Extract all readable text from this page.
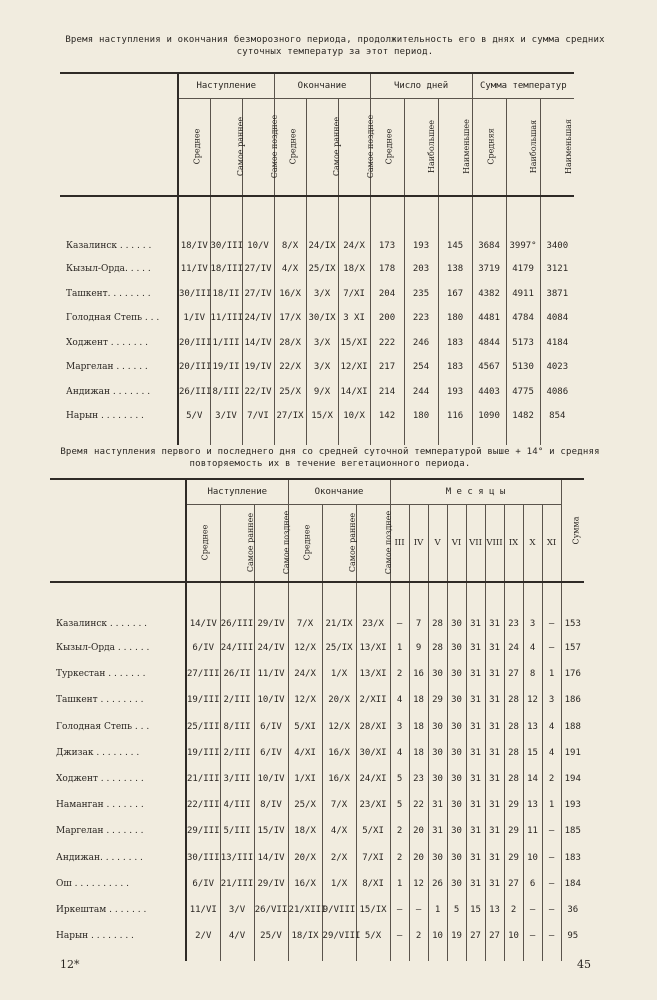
Время наступления и окончания безморозного периода, продолжительность его в днях и сумма средних суточных температур за этот период.
	Наступление			Окончание			Число дней			Сумма температур		
	Среднее	Самое раннее	Самое позднее	Среднее	Самое раннее	Самое позднее	Среднее	Наибольшее	Наименьшее	Средняя	Наибольшая	Наименьшая
Казалинск . . . . . .	18/IV	30/III	10/V	8/X	24/IX	24/X	173	193	145	3684	3997°	3400
Кызыл-Орда. . . . .	11/IV	18/III	27/IV	4/X	25/IX	18/X	178	203	138	3719	4179	3121
Ташкент. . . . . . . .	30/III	18/II	27/IV	16/X	3/X	7/XI	204	235	167	4382	4911	3871
Голодная Степь . . .	1/IV	11/III	24/IV	17/X	30/IX	3 XI	200	223	180	4481	4784	4084
Ходжент . . . . . . .	20/III	1/III	14/IV	28/X	3/X	15/XI	222	246	183	4844	5173	4184
Маргелан . . . . . .	20/III	19/II	19/IV	22/X	3/X	12/XI	217	254	183	4567	5130	4023
Андижан . . . . . . .	26/III	8/III	22/IV	25/X	9/X	14/XI	214	244	193	4403	4775	4086
Нарын . . . . . . . .	5/V	3/IV	7/VI	27/IX	15/X	10/X	142	180	116	1090	1482	854

Время наступления первого и последнего дня со средней суточной температурой выше + 14° и средняя повторяемость их в течение вегетационного периода.
	Наступление			Окончание			М е с я ц ы									Сумма
	Среднее	Самое раннее	Самое позднее	Среднее	Самое раннее	Самое позднее	III	IV	V	VI	VII	VIII	IX	X	XI	
Казалинск . . . . . . .	14/IV	26/III	29/IV	7/X	21/IX	23/X	—	7	28	30	31	31	23	3	—	153
Кызыл-Орда . . . . . .	6/IV	24/III	24/IV	12/X	25/IX	13/XI	1	9	28	30	31	31	24	4	—	157
Туркестан . . . . . . .	27/III	26/II	11/IV	24/X	1/X	13/XI	2	16	30	30	31	31	27	8	1	176
Ташкент . . . . . . . .	19/III	2/III	10/IV	12/X	20/X	2/XII	4	18	29	30	31	31	28	12	3	186
Голодная Степь . . .	25/III	8/III	6/IV	5/XI	12/X	28/XI	3	18	30	30	31	31	28	13	4	188
Джизак . . . . . . . .	19/III	2/III	6/IV	4/XI	16/X	30/XI	4	18	30	30	31	31	28	15	4	191
Ходжент . . . . . . . .	21/III	3/III	10/IV	1/XI	16/X	24/XI	5	23	30	30	31	31	28	14	2	194
Наманган . . . . . . .	22/III	4/III	8/IV	25/X	7/X	23/XI	5	22	31	30	31	31	29	13	1	193
Маргелан . . . . . . .	29/III	5/III	15/IV	18/X	4/X	5/XI	2	20	31	30	31	31	29	11	—	185
Андижан. . . . . . . .	30/III	13/III	14/IV	20/X	2/X	7/XI	2	20	30	30	31	31	29	10	—	183
Ош . . . . . . . . . .	6/IV	21/III	29/IV	16/X	1/X	8/XI	1	12	26	30	31	31	27	6	—	184
Иркештам . . . . . . .	11/VI	3/V	26/VII	21/XIII	9/VIII	15/IX	—	—	1	5	15	13	2	—	—	36
Нарын . . . . . . . .	2/V	4/V	25/V	18/IX	29/VIII	5/X	—	2	10	19	27	27	10	—	—	95

12*	45
